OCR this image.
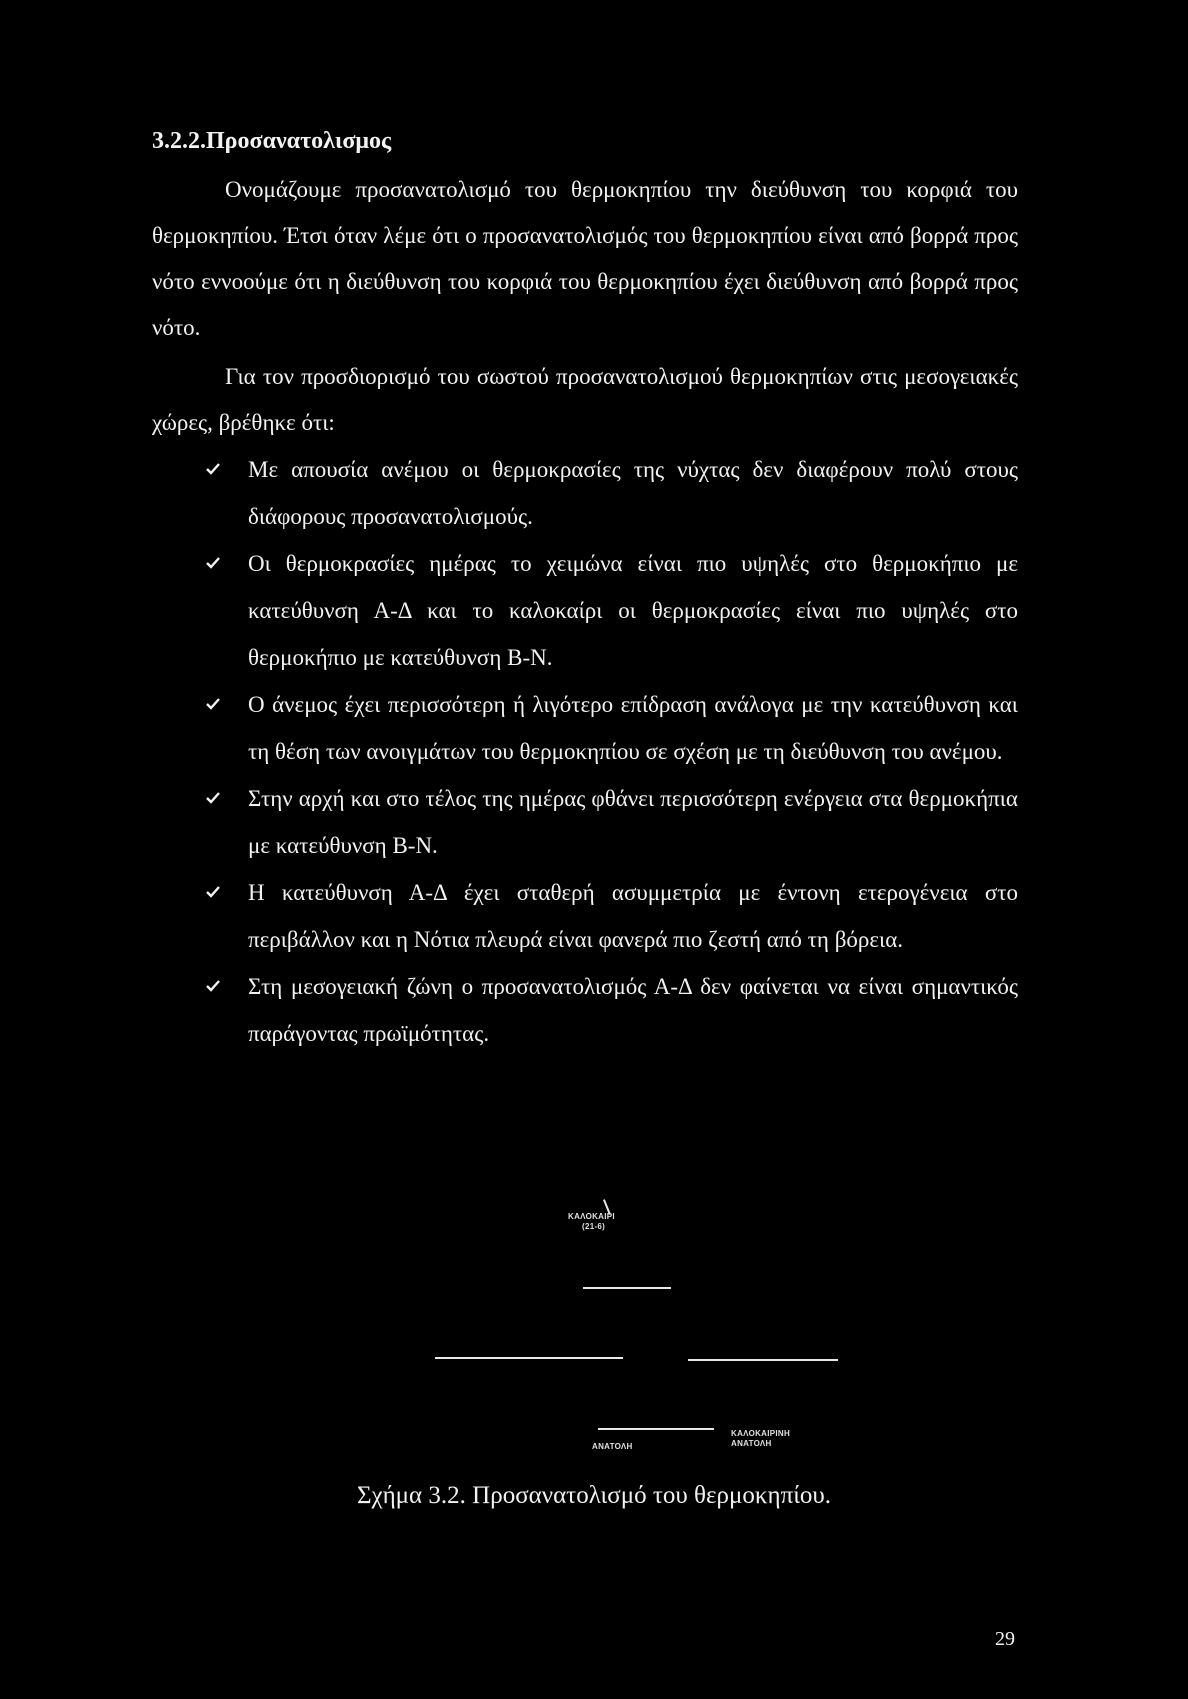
3.2.2.Προσανατολισμος

Ονομάζουμε προσανατολισμό του θερμοκηπίου την διεύθυνση του κορφιά του θερμοκηπίου. Έτσι όταν λέμε ότι ο προσανατολισμός του θερμοκηπίου είναι από βορρά προς νότο εννοούμε ότι η διεύθυνση του κορφιά του θερμοκηπίου έχει διεύθυνση από βορρά προς νότο.

Για τον προσδιορισμό του σωστού προσανατολισμού θερμοκηπίων στις μεσογειακές χώρες, βρέθηκε ότι:

Με απουσία ανέμου οι θερμοκρασίες της νύχτας δεν διαφέρουν πολύ στους διάφορους προσανατολισμούς.
Οι θερμοκρασίες ημέρας το χειμώνα είναι πιο υψηλές στο θερμοκήπιο με κατεύθυνση Α-Δ και το καλοκαίρι οι θερμοκρασίες είναι πιο υψηλές στο θερμοκήπιο με κατεύθυνση Β-Ν.
Ο άνεμος έχει περισσότερη ή λιγότερο επίδραση ανάλογα με την κατεύθυνση και τη θέση των ανοιγμάτων του θερμοκηπίου σε σχέση με τη διεύθυνση του ανέμου.
Στην αρχή και στο τέλος της ημέρας φθάνει περισσότερη ενέργεια στα θερμοκήπια με κατεύθυνση Β-Ν.
Η κατεύθυνση Α-Δ έχει σταθερή ασυμμετρία με έντονη ετερογένεια στο περιβάλλον και η Νότια πλευρά είναι φανερά πιο ζεστή από τη βόρεια.
Στη μεσογειακή ζώνη ο προσανατολισμός Α-Δ δεν φαίνεται να είναι σημαντικός παράγοντας πρωϊμότητας.
ΚΑΛΟΚΑΙΡΙ
(21-6)
ΑΝΑΤΟΛΗ
ΚΑΛΟΚΑΙΡΙΝΗ
ΑΝΑΤΟΛΗ
Σχήμα 3.2. Προσανατολισμό του θερμοκηπίου.
29
